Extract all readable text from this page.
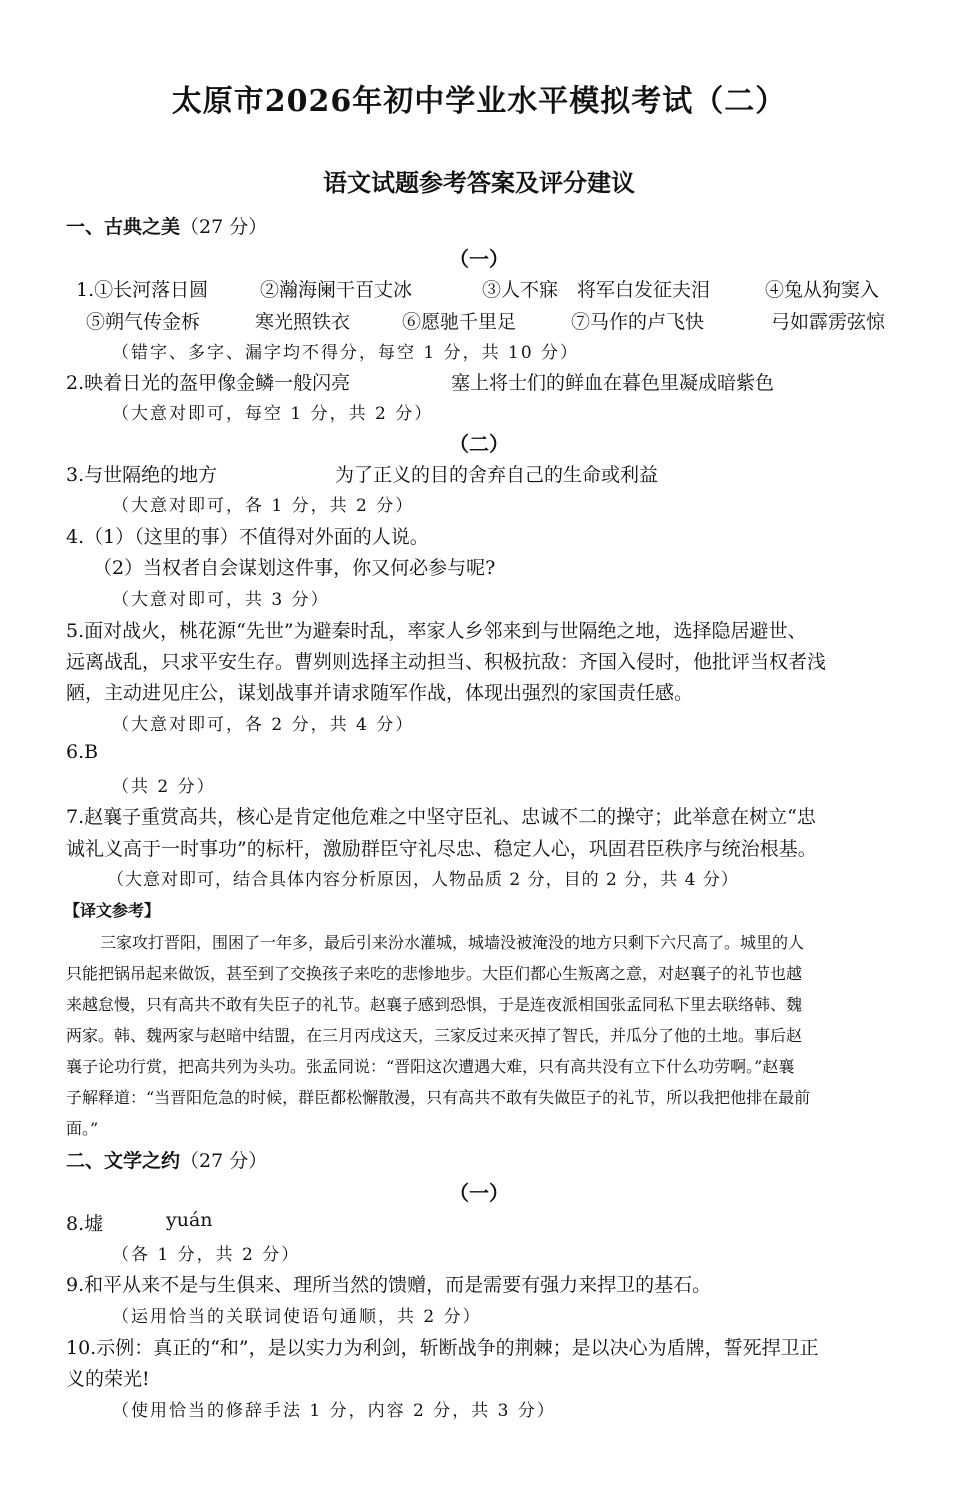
太原市2026年初中学业水平模拟考试（二）
语文试题参考答案及评分建议
一、古典之美（27 分）
（一）
1.①长河落日圆	②瀚海阑干百丈冰	③人不寐　将军白发征夫泪	④兔从狗窦入
⑤朔气传金柝	寒光照铁衣	⑥愿驰千里足	⑦马作的卢飞快	弓如霹雳弦惊
（错字、多字、漏字均不得分，每空 1 分，共 10 分）
2.映着日光的盔甲像金鳞一般闪亮	塞上将士们的鲜血在暮色里凝成暗紫色
（大意对即可，每空 1 分，共 2 分）
（二）
3.与世隔绝的地方	为了正义的目的舍弃自己的生命或利益
（大意对即可，各 1 分，共 2 分）
4.（1）（这里的事）不值得对外面的人说。
（2）当权者自会谋划这件事，你又何必参与呢?
（大意对即可，共 3 分）
5.面对战火，桃花源“先世”为避秦时乱，率家人乡邻来到与世隔绝之地，选择隐居避世、
远离战乱，只求平安生存。曹刿则选择主动担当、积极抗敌：齐国入侵时，他批评当权者浅
陋，主动进见庄公，谋划战事并请求随军作战，体现出强烈的家国责任感。
（大意对即可，各 2 分，共 4 分）
6.B
（共 2 分）
7.赵襄子重赏高共，核心是肯定他危难之中坚守臣礼、忠诚不二的操守；此举意在树立“忠
诚礼义高于一时事功”的标杆，激励群臣守礼尽忠、稳定人心，巩固君臣秩序与统治根基。
（大意对即可，结合具体内容分析原因，人物品质 2 分，目的 2 分，共 4 分）
【译文参考】
三家攻打晋阳，围困了一年多，最后引来汾水灌城，城墙没被淹没的地方只剩下六尺高了。城里的人
只能把锅吊起来做饭，甚至到了交换孩子来吃的悲惨地步。大臣们都心生叛离之意，对赵襄子的礼节也越
来越怠慢，只有高共不敢有失臣子的礼节。赵襄子感到恐惧，于是连夜派相国张孟同私下里去联络韩、魏
两家。韩、魏两家与赵暗中结盟，在三月丙戌这天，三家反过来灭掉了智氏，并瓜分了他的土地。事后赵
襄子论功行赏，把高共列为头功。张孟同说：“晋阳这次遭遇大难，只有高共没有立下什么功劳啊。”赵襄
子解释道：“当晋阳危急的时候，群臣都松懈散漫，只有高共不敢有失做臣子的礼节，所以我把他排在最前
面。”
二、文学之约（27 分）
（一）
8.墟	yuán
（各 1 分，共 2 分）
9.和平从来不是与生俱来、理所当然的馈赠，而是需要有强力来捍卫的基石。
（运用恰当的关联词使语句通顺，共 2 分）
10.示例：真正的“和”，是以实力为利剑，斩断战争的荆棘；是以决心为盾牌，誓死捍卫正
义的荣光!
（使用恰当的修辞手法 1 分，内容 2 分，共 3 分）
